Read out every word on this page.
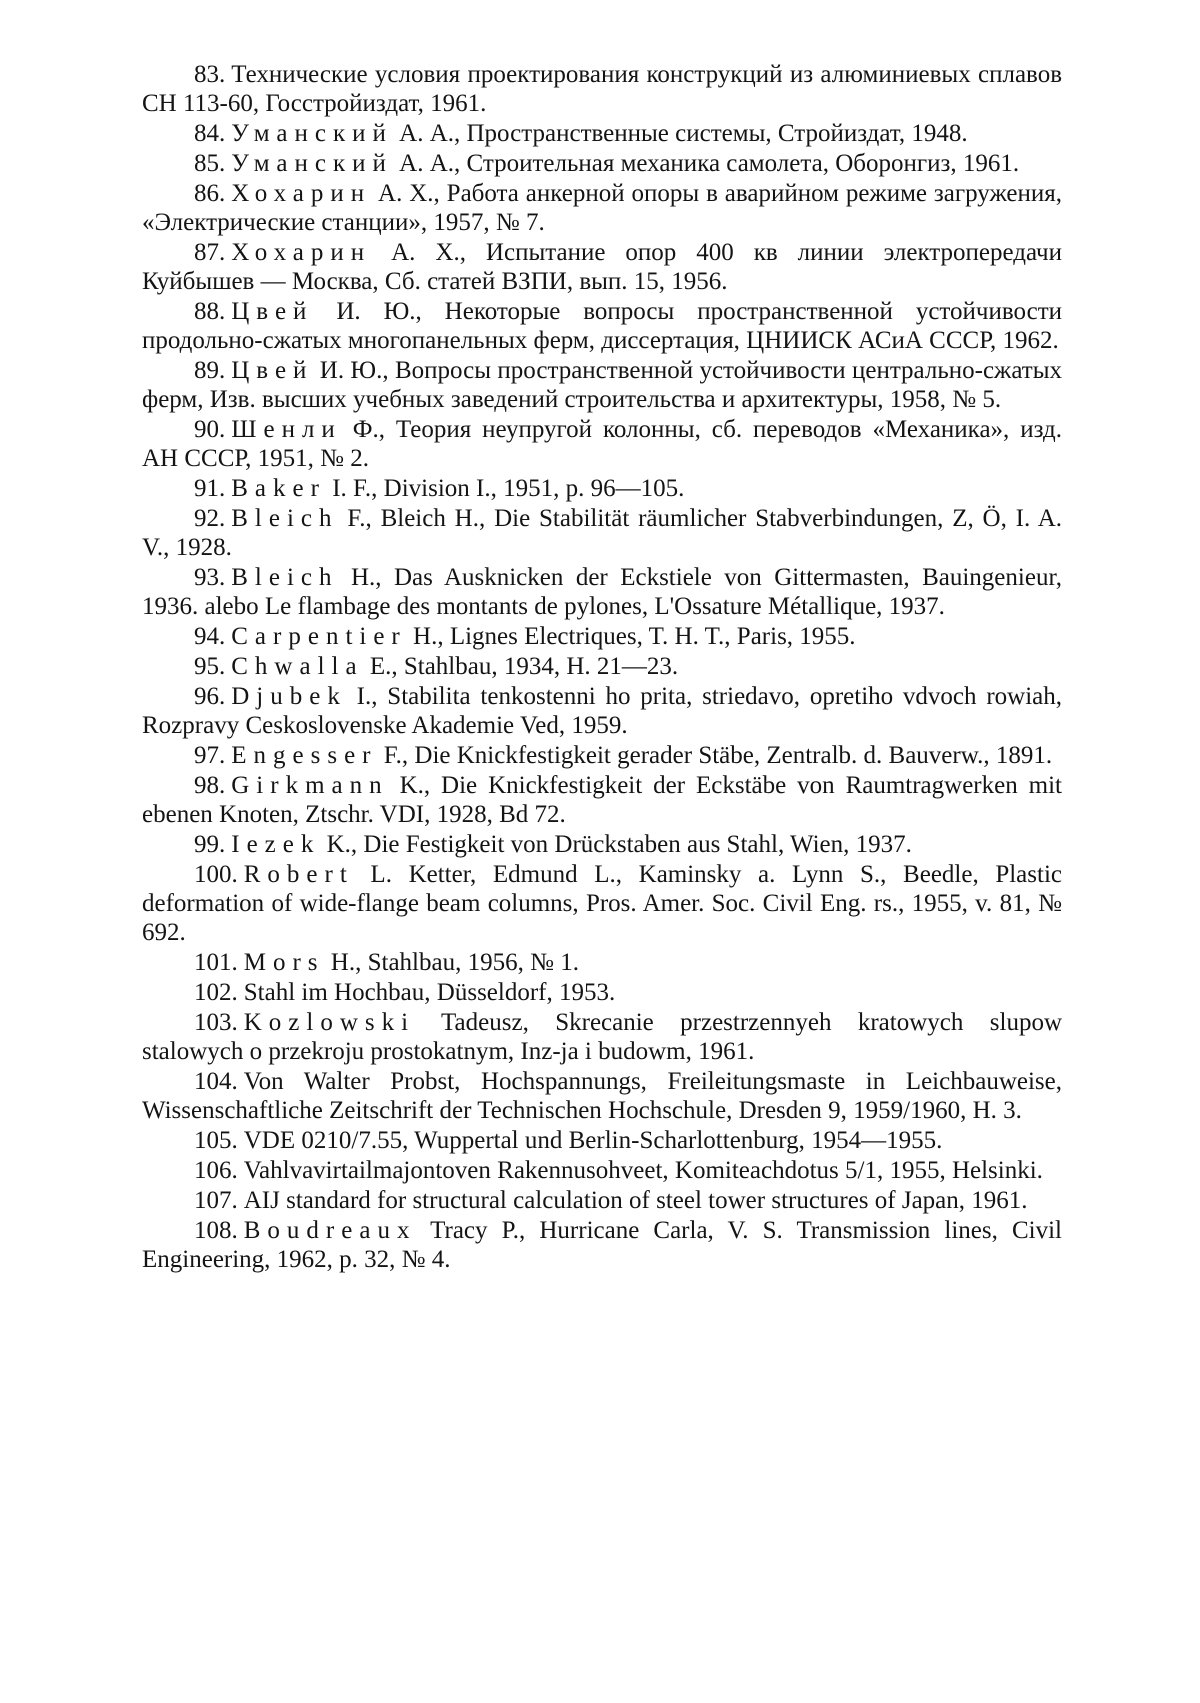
83. Технические условия проектирования конструкций из алюминиевых сплавов СН 113-60, Госстройиздат, 1961.

84. Уманский А. А., Пространственные системы, Стройиздат, 1948.

85. Уманский А. А., Строительная механика самолета, Оборонгиз, 1961.

86. Хохарин А. Х., Работа анкерной опоры в аварийном режиме загружения, «Электрические станции», 1957, № 7.

87. Хохарин А. Х., Испытание опор 400 кв линии электропередачи Куйбышев — Москва, Сб. статей ВЗПИ, вып. 15, 1956.

88. Цвей И. Ю., Некоторые вопросы пространственной устойчивости продольно-сжатых многопанельных ферм, диссертация, ЦНИИСК АСиА СССР, 1962.

89. Цвей И. Ю., Вопросы пространственной устойчивости центрально-сжатых ферм, Изв. высших учебных заведений строительства и архитектуры, 1958, № 5.

90. Шенли Ф., Теория неупругой колонны, сб. переводов «Механика», изд. АН СССР, 1951, № 2.

91. Baker I. F., Division I., 1951, p. 96—105.

92. Bleich F., Bleich H., Die Stabilität räumlicher Stabverbindungen, Z, Ö, I. A. V., 1928.

93. Bleich H., Das Ausknicken der Eckstiele von Gittermasten, Bauingenieur, 1936. alebo Le flambage des montants de pylones, L'Ossature Métallique, 1937.

94. Carpentier H., Lignes Electriques, T. H. T., Paris, 1955.

95. Chwalla E., Stahlbau, 1934, H. 21—23.

96. Djubek I., Stabilita tenkostenni ho prita, striedavo, opretiho vdvoch rowiah, Rozpravy Ceskoslovenske Akademie Ved, 1959.

97. Engesser F., Die Knickfestigkeit gerader Stäbe, Zentralb. d. Bauverw., 1891.

98. Girkmann K., Die Knickfestigkeit der Eckstäbe von Raumtragwerken mit ebenen Knoten, Ztschr. VDI, 1928, Bd 72.

99. Iezek K., Die Festigkeit von Drückstaben aus Stahl, Wien, 1937.

100. Robert L. Ketter, Edmund L., Kaminsky a. Lynn S., Beedle, Plastic deformation of wide-flange beam columns, Pros. Amer. Soc. Civil Eng. rs., 1955, v. 81, № 692.

101. Mors H., Stahlbau, 1956, № 1.

102. Stahl im Hochbau, Düsseldorf, 1953.

103. Kozlowski Tadeusz, Skrecanie przestrzennyeh kratowych slupow stalowych o przekroju prostokatnym, Inz-ja i budowm, 1961.

104. Von Walter Probst, Hochspannungs, Freileitungsmaste in Leichbauweise, Wissenschaftliche Zeitschrift der Technischen Hochschule, Dresden 9, 1959/1960, H. 3.

105. VDE 0210/7.55, Wuppertal und Berlin-Scharlottenburg, 1954—1955.

106. Vahlvavirtailmajontoven Rakennusohveet, Komiteachdotus 5/1, 1955, Helsinki.

107. AIJ standard for structural calculation of steel tower structures of Japan, 1961.

108. Boudreaux Tracy P., Hurricane Carla, V. S. Transmission lines, Civil Engineering, 1962, p. 32, № 4.
